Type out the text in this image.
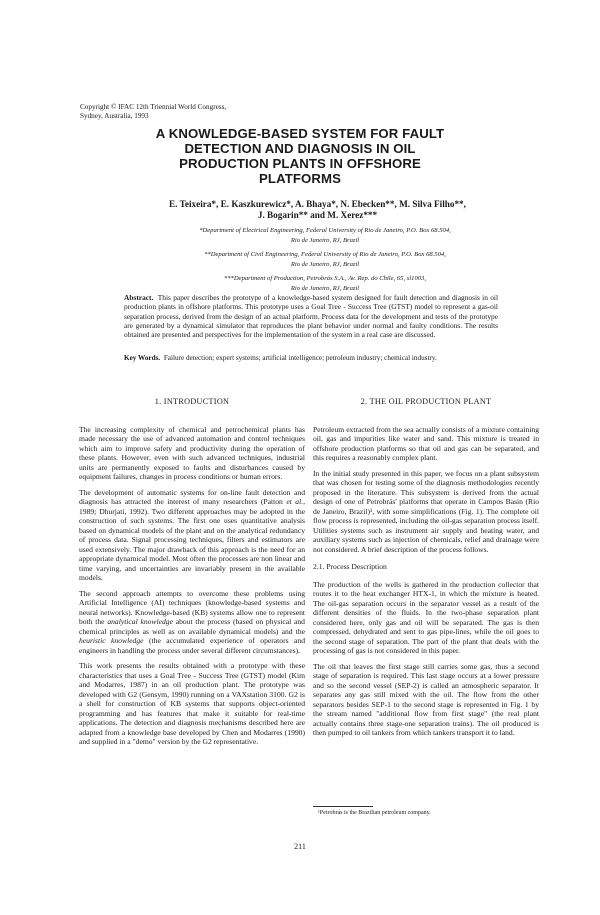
Copyright © IFAC 12th Triennial World Congress,
Sydney, Australia, 1993
A KNOWLEDGE-BASED SYSTEM FOR FAULT
DETECTION AND DIAGNOSIS IN OIL
PRODUCTION PLANTS IN OFFSHORE
PLATFORMS
E. Teixeira*, E. Kaszkurewicz*, A. Bhaya*, N. Ebecken**, M. Silva Filho**,
J. Bogarin** and M. Xerez***
*Department of Electrical Engineering, Federal University of Rio de Janeiro, P.O. Box 68.504,
Rio de Janeiro, RJ, Brazil
**Department of Civil Engineering, Federal University of Rio de Janeiro, P.O. Box 68.504,
Rio de Janeiro, RJ, Brazil
***Department of Production, Petrobrás S.A., Av. Rep. do Chile, 65, sl1003,
Rio de Janeiro, RJ, Brazil
Abstract. This paper describes the prototype of a knowledge-based system designed for fault detection and diagnosis in oil production plants in offshore platforms. This prototype uses a Goal Tree - Success Tree (GTST) model to represent a gas-oil separation process, derived from the design of an actual platform. Process data for the development and tests of the prototype are generated by a dynamical simulator that reproduces the plant behavior under normal and faulty conditions. The results obtained are presented and perspectives for the implementation of the system in a real case are discussed.
Key Words. Failure detection; expert systems; artificial intelligence; petroleum industry; chemical industry.
1. INTRODUCTION

The increasing complexity of chemical and petrochemical plants has made necessary the use of advanced automation and control techniques which aim to improve safety and productivity during the operation of these plants. However, even with such advanced techniques, industrial units are permanently exposed to faults and disturbances caused by equipment failures, changes in process conditions or human errors.

The development of automatic systems for on-line fault detection and diagnosis has attracted the interest of many researchers (Patton et al., 1989; Dhurjati, 1992). Two different approaches may be adopted in the construction of such systems. The first one uses quantitative analysis based on dynamical models of the plant and on the analytical redundancy of process data. Signal processing techniques, filters and estimators are used extensively. The major drawback of this approach is the need for an appropriate dynamical model. Most often the processes are non linear and time varying, and uncertainties are invariably present in the available models.

The second approach attempts to overcome these problems using Artificial Intelligence (AI) techniques (knowledge-based systems and neural networks). Knowledge-based (KB) systems allow one to represent both the analytical knowledge about the process (based on physical and chemical principles as well as on available dynamical models) and the heuristic knowledge (the accumulated experience of operators and engineers in handling the process under several different circumstances).

This work presents the results obtained with a prototype with these characteristics that uses a Goal Tree - Success Tree (GTST) model (Kim and Modarres, 1987) in an oil production plant. The prototype was developed with G2 (Gensym, 1990) running on a VAXstation 3100. G2 is a shell for construction of KB systems that supports object-oriented programming and has features that make it suitable for real-time applications. The detection and diagnosis mechanisms described here are adapted from a knowledge base developed by Chen and Modarres (1990) and supplied in a "demo" version by the G2 representative.

2. THE OIL PRODUCTION PLANT

Petroleum extracted from the sea actually consists of a mixture containing oil, gas and impurities like water and sand. This mixture is treated in offshore production platforms so that oil and gas can be separated, and this requires a reasonably complex plant.

In the initial study presented in this paper, we focus on a plant subsystem that was chosen for testing some of the diagnosis methodologies recently proposed in the literature. This subsystem is derived from the actual design of one of Petrobrás' platforms that operate in Campos Basin (Rio de Janeiro, Brazil)¹, with some simplifications (Fig. 1). The complete oil flow process is represented, including the oil-gas separation process itself. Utilities systems such as instrument air supply and heating water, and auxiliary systems such as injection of chemicals, relief and drainage were not considered. A brief description of the process follows.

2.1. Process Description

The production of the wells is gathered in the production collector that routes it to the heat exchanger HTX-1, in which the mixture is heated. The oil-gas separation occurs in the separator vessel as a result of the different densities of the fluids. In the two-phase separation plant considered here, only gas and oil will be separated. The gas is then compressed, dehydrated and sent to gas pipe-lines, while the oil goes to the second stage of separation. The part of the plant that deals with the processing of gas is not considered in this paper.

The oil that leaves the first stage still carries some gas, thus a second stage of separation is required. This last stage occurs at a lower pressure and so the second vessel (SEP-2) is called an atmospheric separator. It separates any gas still mixed with the oil. The flow from the other separators besides SEP-1 to the second stage is represented in Fig. 1 by the stream named "additional flow from first stage" (the real plant actually contains three stage-one separation trains). The oil produced is then pumped to oil tankers from which tankers transport it to land.

¹Petrobrás is the Brazilian petroleum company.
211
